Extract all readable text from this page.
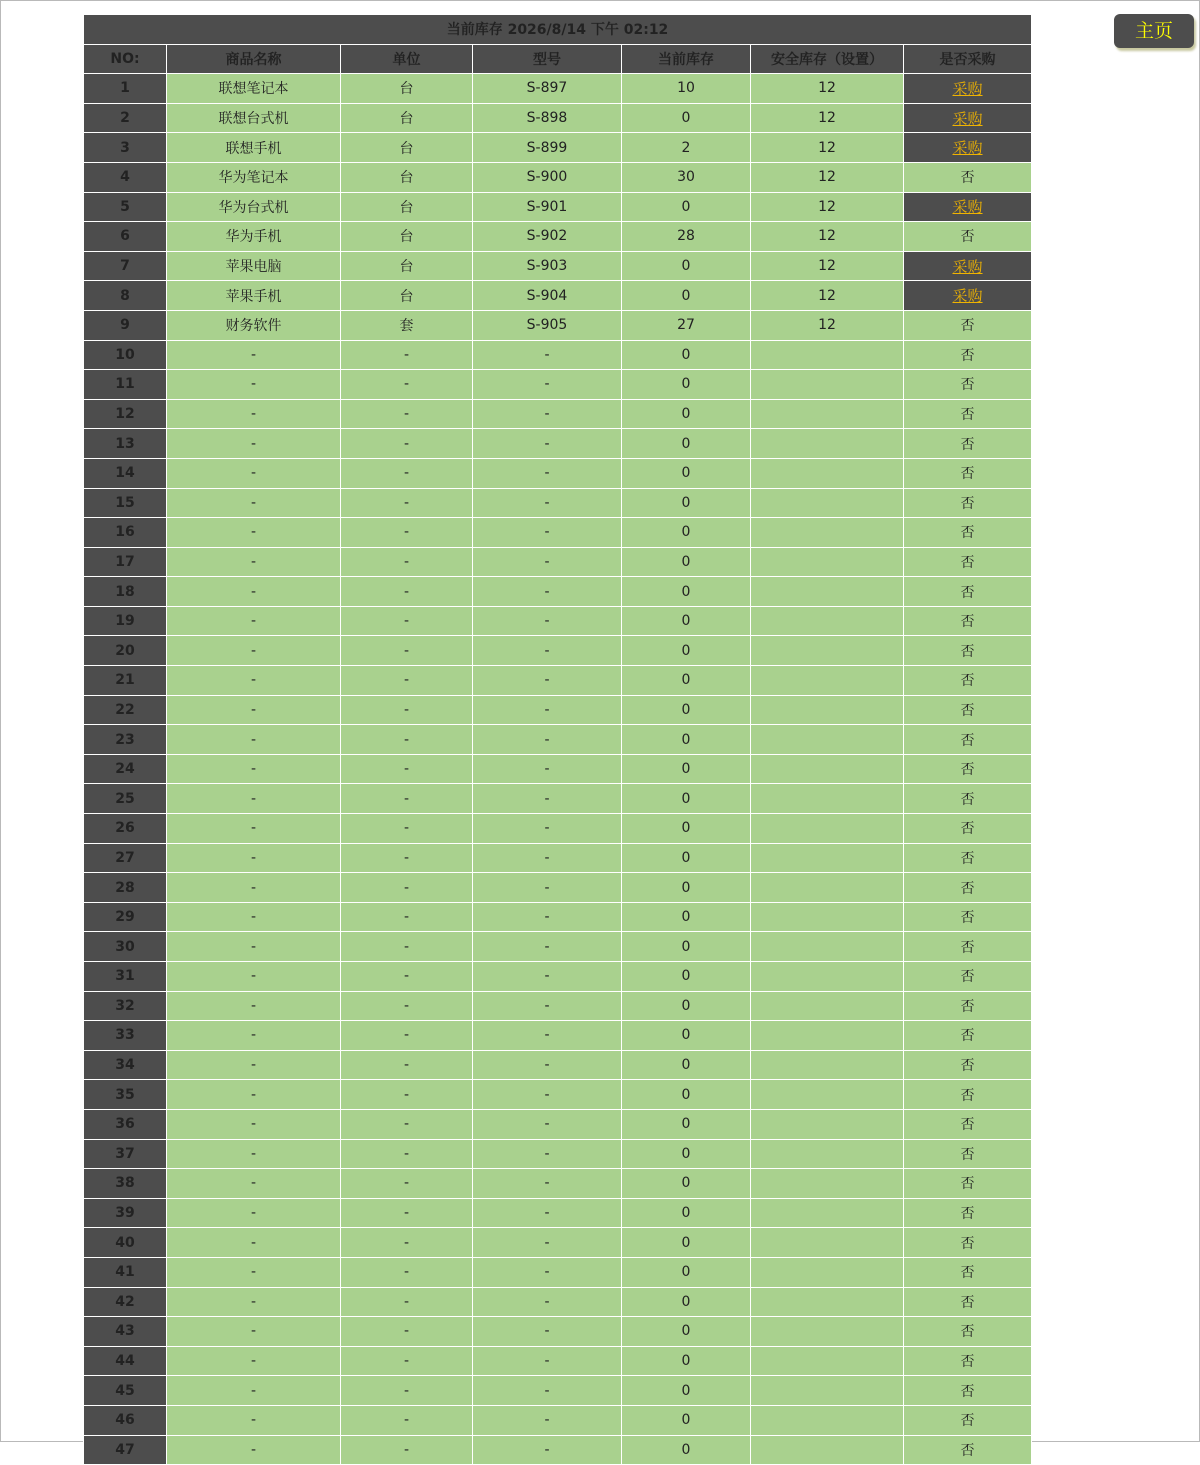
主页
当前库存 2026/8/14 下午 02:12						
NO:	商品名称	单位	型号	当前库存	安全库存（设置）	是否采购
1	联想笔记本	台	S-897	10	12	采购
2	联想台式机	台	S-898	0	12	采购
3	联想手机	台	S-899	2	12	采购
4	华为笔记本	台	S-900	30	12	否
5	华为台式机	台	S-901	0	12	采购
6	华为手机	台	S-902	28	12	否
7	苹果电脑	台	S-903	0	12	采购
8	苹果手机	台	S-904	0	12	采购
9	财务软件	套	S-905	27	12	否
10	-	-	-	0		否
11	-	-	-	0		否
12	-	-	-	0		否
13	-	-	-	0		否
14	-	-	-	0		否
15	-	-	-	0		否
16	-	-	-	0		否
17	-	-	-	0		否
18	-	-	-	0		否
19	-	-	-	0		否
20	-	-	-	0		否
21	-	-	-	0		否
22	-	-	-	0		否
23	-	-	-	0		否
24	-	-	-	0		否
25	-	-	-	0		否
26	-	-	-	0		否
27	-	-	-	0		否
28	-	-	-	0		否
29	-	-	-	0		否
30	-	-	-	0		否
31	-	-	-	0		否
32	-	-	-	0		否
33	-	-	-	0		否
34	-	-	-	0		否
35	-	-	-	0		否
36	-	-	-	0		否
37	-	-	-	0		否
38	-	-	-	0		否
39	-	-	-	0		否
40	-	-	-	0		否
41	-	-	-	0		否
42	-	-	-	0		否
43	-	-	-	0		否
44	-	-	-	0		否
45	-	-	-	0		否
46	-	-	-	0		否
47	-	-	-	0		否
